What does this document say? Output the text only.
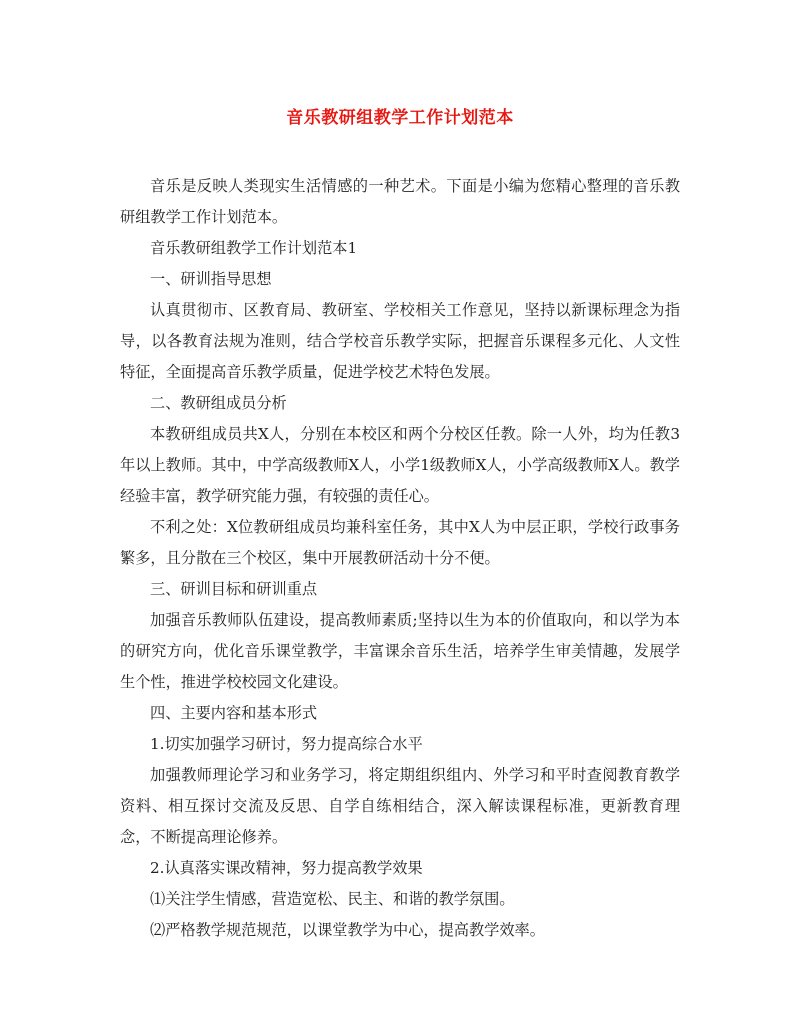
音乐教研组教学工作计划范本

音乐是反映人类现实生活情感的一种艺术。下面是小编为您精心整理的音乐教研组教学工作计划范本。

音乐教研组教学工作计划范本1

一、研训指导思想

认真贯彻市、区教育局、教研室、学校相关工作意见，坚持以新课标理念为指导，以各教育法规为准则，结合学校音乐教学实际，把握音乐课程多元化、人文性特征，全面提高音乐教学质量，促进学校艺术特色发展。

二、教研组成员分析

本教研组成员共X人，分别在本校区和两个分校区任教。除一人外，均为任教3年以上教师。其中，中学高级教师X人，小学1级教师X人，小学高级教师X人。教学经验丰富，教学研究能力强，有较强的责任心。

不利之处：X位教研组成员均兼科室任务，其中X人为中层正职，学校行政事务繁多，且分散在三个校区，集中开展教研活动十分不便。

三、研训目标和研训重点

加强音乐教师队伍建设，提高教师素质;坚持以生为本的价值取向，和以学为本的研究方向，优化音乐课堂教学，丰富课余音乐生活，培养学生审美情趣，发展学生个性，推进学校校园文化建设。

四、主要内容和基本形式

1.切实加强学习研讨，努力提高综合水平

加强教师理论学习和业务学习，将定期组织组内、外学习和平时查阅教育教学资料、相互探讨交流及反思、自学自练相结合，深入解读课程标准，更新教育理念，不断提高理论修养。

2.认真落实课改精神，努力提高教学效果

⑴关注学生情感，营造宽松、民主、和谐的教学氛围。

⑵严格教学规范规范，以课堂教学为中心，提高教学效率。
